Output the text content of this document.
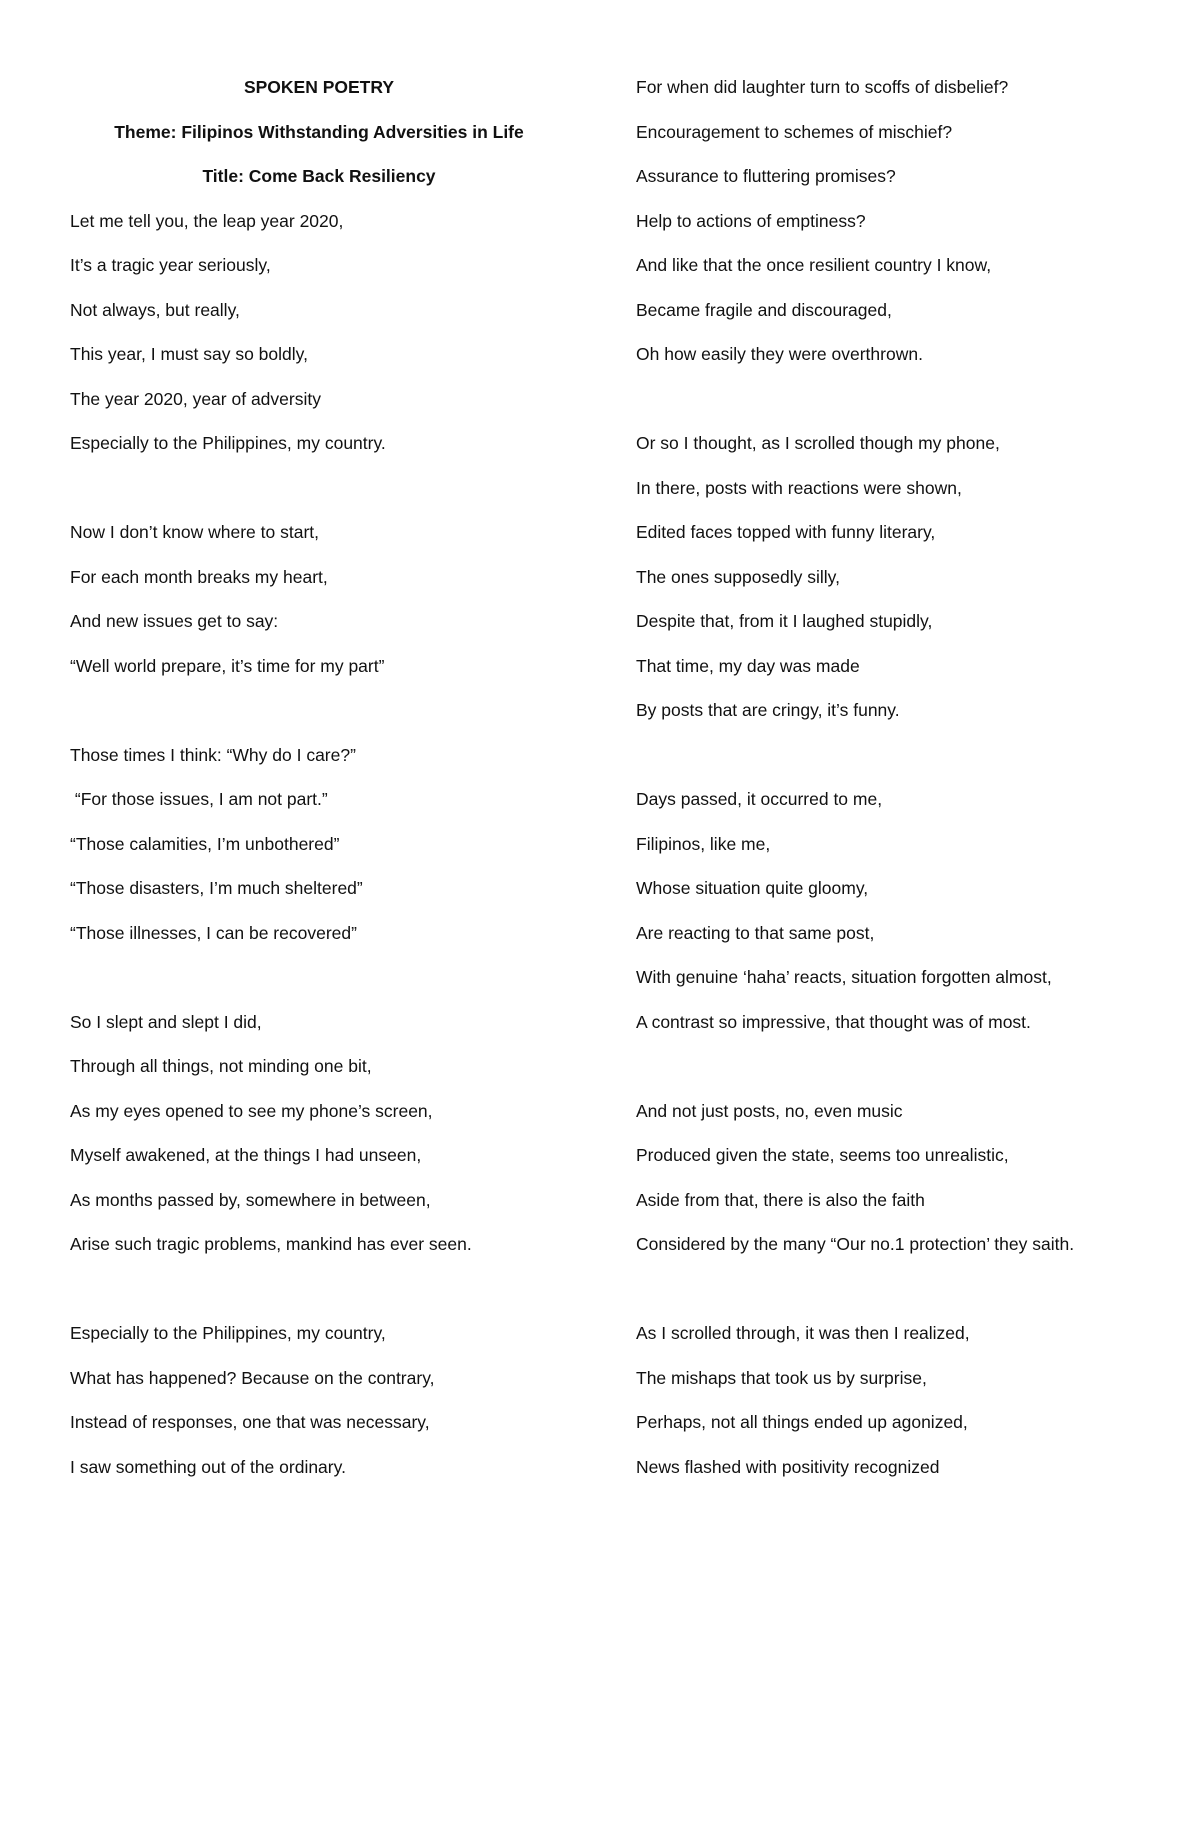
SPOKEN POETRY
Theme: Filipinos Withstanding Adversities in Life
Title: Come Back Resiliency
Let me tell you, the leap year 2020,
It’s a tragic year seriously,
Not always, but really,
This year, I must say so boldly,
The year 2020, year of adversity
Especially to the Philippines, my country.
Now I don’t know where to start,
For each month breaks my heart,
And new issues get to say:
“Well world prepare, it’s time for my part”
Those times I think: “Why do I care?”
“For those issues, I am not part.”
“Those calamities, I’m unbothered”
“Those disasters, I’m much sheltered”
“Those illnesses, I can be recovered”
So I slept and slept I did,
Through all things, not minding one bit,
As my eyes opened to see my phone’s screen,
Myself awakened, at the things I had unseen,
As months passed by, somewhere in between,
Arise such tragic problems, mankind has ever seen.
Especially to the Philippines, my country,
What has happened? Because on the contrary,
Instead of responses, one that was necessary,
I saw something out of the ordinary.
For when did laughter turn to scoffs of disbelief?
Encouragement to schemes of mischief?
Assurance to fluttering promises?
Help to actions of emptiness?
And like that the once resilient country I know,
Became fragile and discouraged,
Oh how easily they were overthrown.
Or so I thought, as I scrolled though my phone,
In there, posts with reactions were shown,
Edited faces topped with funny literary,
The ones supposedly silly,
Despite that, from it I laughed stupidly,
That time, my day was made
By posts that are cringy, it’s funny.
Days passed, it occurred to me,
Filipinos, like me,
Whose situation quite gloomy,
Are reacting to that same post,
With genuine ‘haha’ reacts, situation forgotten almost,
A contrast so impressive, that thought was of most.
And not just posts, no, even music
Produced given the state, seems too unrealistic,
Aside from that, there is also the faith
Considered by the many “Our no.1 protection’ they saith.
As I scrolled through, it was then I realized,
The mishaps that took us by surprise,
Perhaps, not all things ended up agonized,
News flashed with positivity recognized
